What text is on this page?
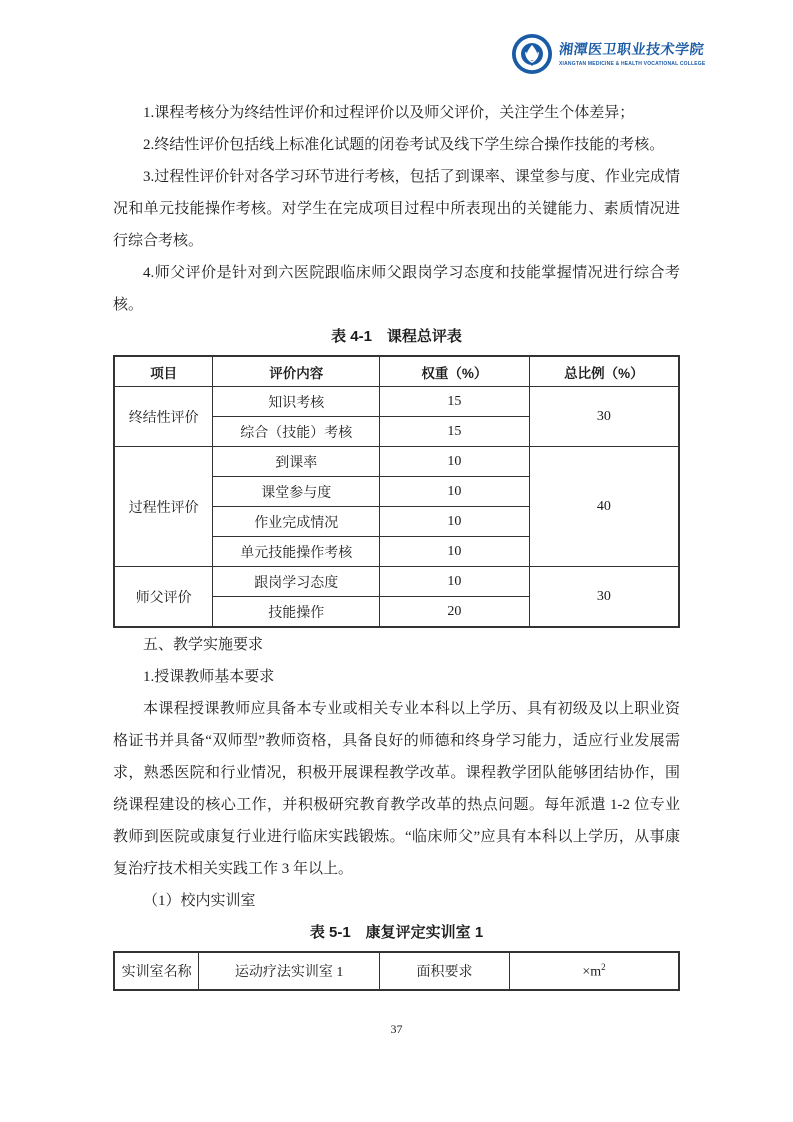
湘潭医卫职业技术学院
XIANGTAN MEDICINE & HEALTH VOCATIONAL COLLEGE

1.课程考核分为终结性评价和过程评价以及师父评价，关注学生个体差异；

2.终结性评价包括线上标准化试题的闭卷考试及线下学生综合操作技能的考核。

3.过程性评价针对各学习环节进行考核，包括了到课率、课堂参与度、作业完成情况和单元技能操作考核。对学生在完成项目过程中所表现出的关键能力、素质情况进行综合考核。

4.师父评价是针对到六医院跟临床师父跟岗学习态度和技能掌握情况进行综合考核。

表 4-1　课程总评表

项目	评价内容	权重（%）	总比例（%）
终结性评价	知识考核	15	30
	综合（技能）考核	15	
过程性评价	到课率	10	40
	课堂参与度	10	
	作业完成情况	10	
	单元技能操作考核	10	
师父评价	跟岗学习态度	10	30
	技能操作	20	

五、教学实施要求

1.授课教师基本要求

本课程授课教师应具备本专业或相关专业本科以上学历、具有初级及以上职业资格证书并具备“双师型”教师资格，具备良好的师德和终身学习能力，适应行业发展需求，熟悉医院和行业情况，积极开展课程教学改革。课程教学团队能够团结协作，围绕课程建设的核心工作，并积极研究教育教学改革的热点问题。每年派遣 1-2 位专业教师到医院或康复行业进行临床实践锻炼。“临床师父”应具有本科以上学历，从事康复治疗技术相关实践工作 3 年以上。

（1）校内实训室

表 5-1　康复评定实训室 1

实训室名称	运动疗法实训室 1	面积要求	$\times m^2$
37
